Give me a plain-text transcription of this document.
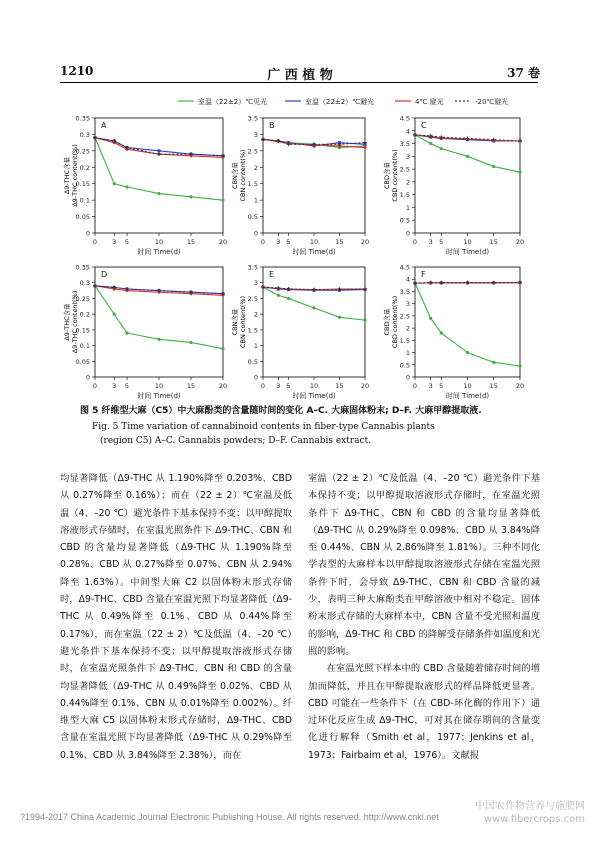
1210	广 西 植 物	37 卷
室温（22±2）℃见光	室温（22±2）℃避光	4℃ 避光	-20℃避光
A
0
0.05
0.1
0.15
0.2
0.25
0.3
0.35
0 3 5	10	15	20
时间 Time(d)
Δ9-THC含量 Δ9-THC content(%)
B
0
0.5
1
1.5
2
2.5
3
3.5
0 3 5	10	15	20
时间 Time(d)
CBN含量 CBN content(%)
C
0
0.5
1
1.5
2
2.5
3
3.5
4
4.5
0 3 5	10	15	20
时间 Time(d)
CBD含量 CBD content(%)
D
0
0.05
0.1
0.15
0.2
0.25
0.3
0.35
0 3 5	10	15	20
时间 Time(d)
Δ9-THC含量 Δ9-THC content(%)
E
0
0.5
1
1.5
2
2.5
3
3.5
0 3 5	10	15	20
时间 Time(d)
CBN含量 CBN content(%)
F
0
0.5
1
1.5
2
2.5
3
3.5
4
4.5
0 3 5	10	15	20
时间 Time(d)
CBD含量 CBD content(%)
图 5 纤维型大麻（C5）中大麻酚类的含量随时间的变化 A–C. 大麻固体粉末; D–F. 大麻甲醇提取液.
Fig. 5 Time variation of cannabinoid contents in fiber-type Cannabis plants
(region C5) A–C. Cannabis powders; D–F. Cannabis extract.

均显著降低（Δ9-THC 从 1.190%降至 0.203%、CBD 从 0.27%降至 0.16%）；而在（22 ± 2）℃室温及低温（4、–20 ℃）避光条件下基本保持不变；以甲醇提取溶液形式存储时，在室温光照条件下 Δ9-THC、CBN 和 CBD 的含量均显著降低（Δ9-THC 从 1.190%降至 0.28%、CBD 从 0.27%降至 0.07%、CBN 从 2.94%降至 1.63%）。中间型大麻 C2 以固体粉末形式存储时，Δ9-THC、CBD 含量在室温光照下均显著降低（Δ9-THC 从 0.49%降至 0.1%、CBD 从 0.44%降至 0.17%），而在室温（22 ± 2）℃及低温（4、–20 ℃）避光条件下基本保持不变；以甲醇提取溶液形式存储时，在室温光照条件下 Δ9-THC、CBN 和 CBD 的含量均显著降低（Δ9-THC 从 0.49%降至 0.02%、CBD 从 0.44%降至 0.1%、CBN 从 0.01%降至 0.002%）。纤维型大麻 C5 以固体粉末形式存储时，Δ9-THC、CBD 含量在室温光照下均显著降低（Δ9-THC 从 0.29%降至 0.1%、CBD 从 3.84%降至 2.38%），而在

室温（22 ± 2）℃及低温（4、–20 ℃）避光条件下基本保持不变；以甲醇提取溶液形式存储时，在室温光照条件下 Δ9-THC、CBN 和 CBD 的含量均显著降低（Δ9-THC 从 0.29%降至 0.098%、CBD 从 3.84%降至 0.44%、CBN 从 2.86%降至 1.81%）。三种不同化学表型的大麻样本以甲醇提取溶液形式存储在室温光照条件下时，会导致 Δ9-THC、CBN 和 CBD 含量的减少，表明三种大麻酚类在甲醇溶液中相对不稳定。固体粉末形式存储的大麻样本中，CBN 含量不受光照和温度的影响，Δ9-THC 和 CBD 的降解受存储条件如温度和光照的影响。

在室温光照下样本中的 CBD 含量随着储存时间的增加而降低，并且在甲醇提取液形式的样品降低更显著。CBD 可能在一些条件下（在 CBD-环化酶的作用下）通过环化反应生成 Δ9-THC，可对其在储存期间的含量变化进行解释（Smith et al，1977；Jenkins et al，1973；Fairbaim et al，1976）。文献报

?1994-2017 China Academic Journal Electronic Publishing House. All rights reserved. http://www.cnki.net
中国农作物营养与施肥网
www.fibercrops.com
